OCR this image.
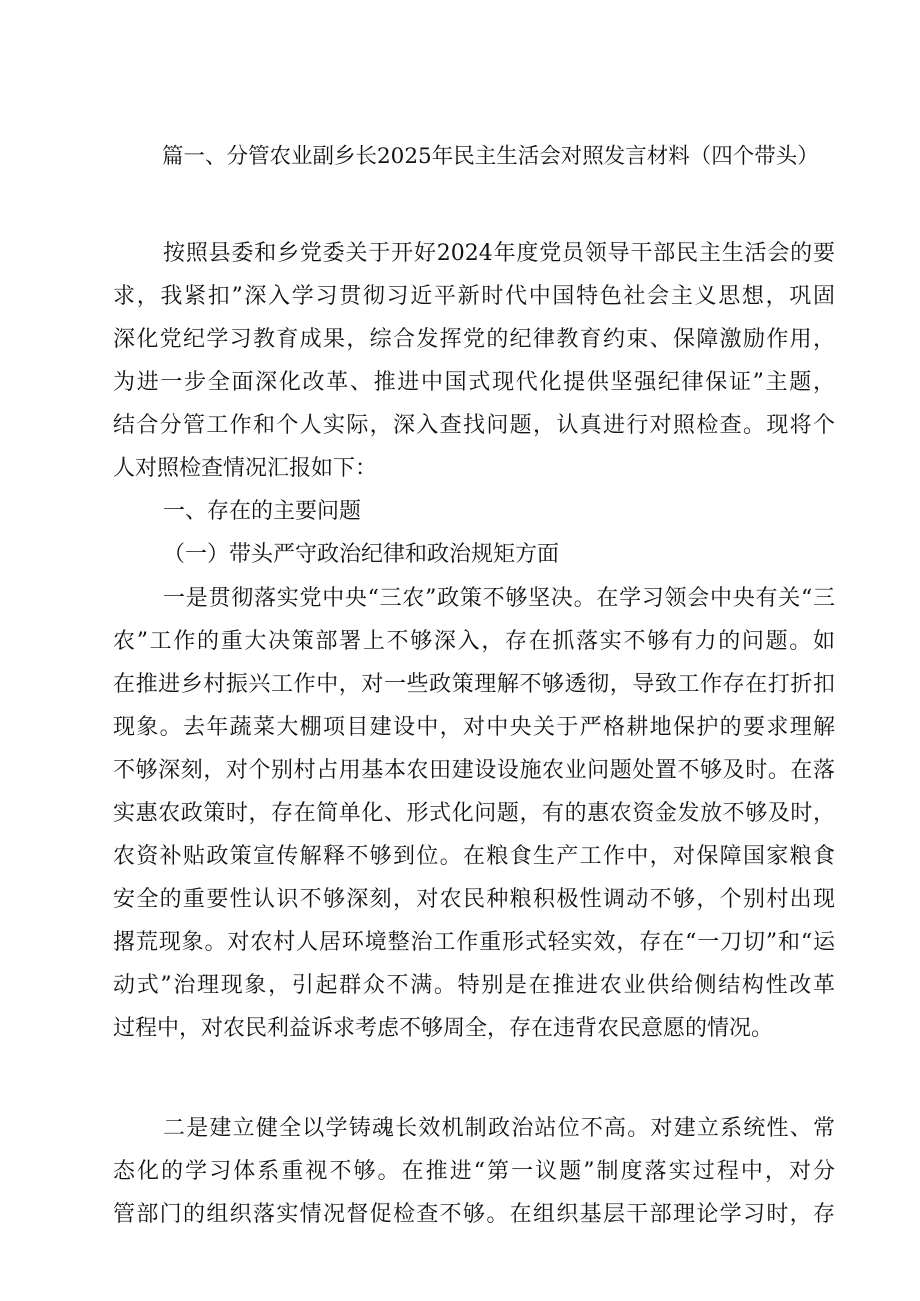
篇一、分管农业副乡长2025年民主生活会对照发言材料（四个带头）
按照县委和乡党委关于开好2024年度党员领导干部民主生活会的要
求，我紧扣”深入学习贯彻习近平新时代中国特色社会主义思想，巩固
深化党纪学习教育成果，综合发挥党的纪律教育约束、保障激励作用，
为进一步全面深化改革、推进中国式现代化提供坚强纪律保证”主题，
结合分管工作和个人实际，深入查找问题，认真进行对照检查。现将个
人对照检查情况汇报如下：
一、存在的主要问题
（一）带头严守政治纪律和政治规矩方面
一是贯彻落实党中央“三农”政策不够坚决。在学习领会中央有关“三
农”工作的重大决策部署上不够深入，存在抓落实不够有力的问题。如
在推进乡村振兴工作中，对一些政策理解不够透彻，导致工作存在打折扣
现象。去年蔬菜大棚项目建设中，对中央关于严格耕地保护的要求理解
不够深刻，对个别村占用基本农田建设设施农业问题处置不够及时。在落
实惠农政策时，存在简单化、形式化问题，有的惠农资金发放不够及时，
农资补贴政策宣传解释不够到位。在粮食生产工作中，对保障国家粮食
安全的重要性认识不够深刻，对农民种粮积极性调动不够，个别村出现
撂荒现象。对农村人居环境整治工作重形式轻实效，存在“一刀切”和“运
动式”治理现象，引起群众不满。特别是在推进农业供给侧结构性改革
过程中，对农民利益诉求考虑不够周全，存在违背农民意愿的情况。
二是建立健全以学铸魂长效机制政治站位不高。对建立系统性、常
态化的学习体系重视不够。在推进“第一议题”制度落实过程中，对分
管部门的组织落实情况督促检查不够。在组织基层干部理论学习时，存
